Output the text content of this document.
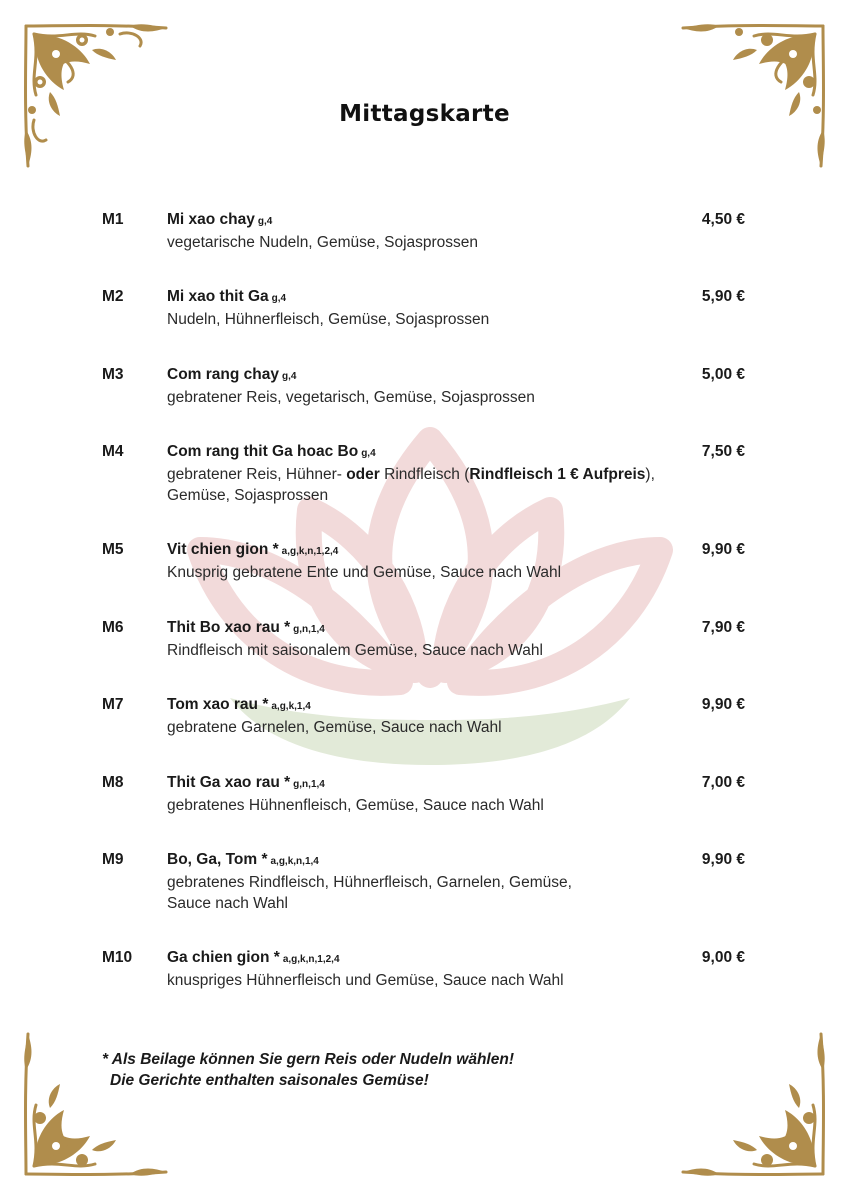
Mittagskarte
M1	Mi xao chay g,4	4,50 €
vegetarische Nudeln, Gemüse, Sojasprossen
M2	Mi xao thit Ga g,4	5,90 €
Nudeln, Hühnerfleisch, Gemüse, Sojasprossen
M3	Com rang chay g,4	5,00 €
gebratener Reis, vegetarisch, Gemüse, Sojasprossen
M4	Com rang thit Ga hoac Bo g,4	7,50 €
gebratener Reis, Hühner- oder Rindfleisch (Rindfleisch 1 € Aufpreis),
Gemüse, Sojasprossen
M5	Vit chien gion * a,g,k,n,1,2,4	9,90 €
Knusprig gebratene Ente und Gemüse, Sauce nach Wahl
M6	Thit Bo xao rau * g,n,1,4	7,90 €
Rindfleisch mit saisonalem Gemüse, Sauce nach Wahl
M7	Tom xao rau * a,g,k,1,4	9,90 €
gebratene Garnelen, Gemüse, Sauce nach Wahl
M8	Thit Ga xao rau * g,n,1,4	7,00 €
gebratenes Hühnenfleisch, Gemüse, Sauce nach Wahl
M9	Bo, Ga, Tom * a,g,k,n,1,4	9,90 €
gebratenes Rindfleisch, Hühnerfleisch, Garnelen, Gemüse,
Sauce nach Wahl
M10 Ga chien gion * a,g,k,n,1,2,4	9,00 €
knuspriges Hühnerfleisch und Gemüse, Sauce nach Wahl
* Als Beilage können Sie gern Reis oder Nudeln wählen!
Die Gerichte enthalten saisonales Gemüse!
